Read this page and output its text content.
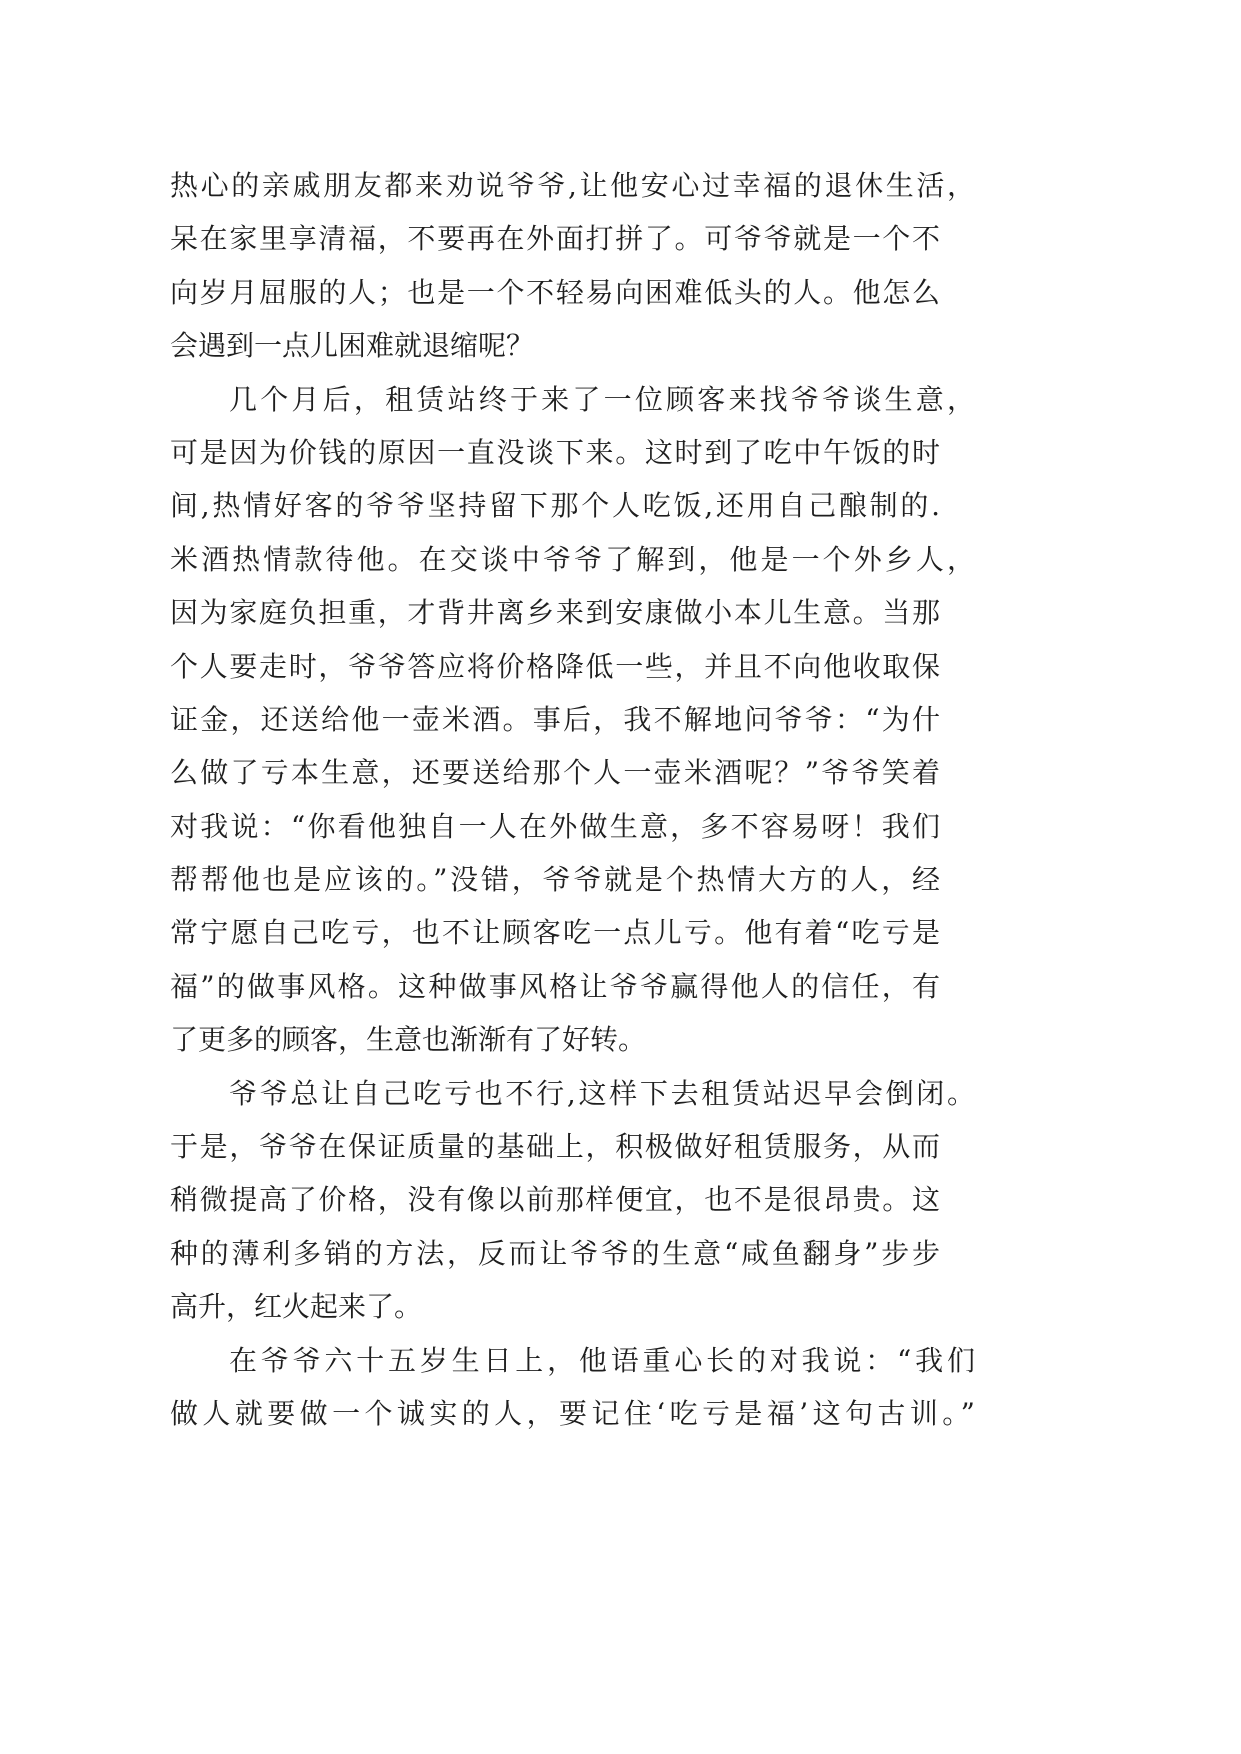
热心的亲戚朋友都来劝说爷爷,让他安心过幸福的退休生活，
呆在家里享清福，不要再在外面打拼了。可爷爷就是一个不
向岁月屈服的人；也是一个不轻易向困难低头的人。他怎么
会遇到一点儿困难就退缩呢？
几个月后，租赁站终于来了一位顾客来找爷爷谈生意，
可是因为价钱的原因一直没谈下来。这时到了吃中午饭的时
间,热情好客的爷爷坚持留下那个人吃饭,还用自己酿制的.
米酒热情款待他。在交谈中爷爷了解到，他是一个外乡人，
因为家庭负担重，才背井离乡来到安康做小本儿生意。当那
个人要走时，爷爷答应将价格降低一些，并且不向他收取保
证金，还送给他一壶米酒。事后，我不解地问爷爷：“为什
么做了亏本生意，还要送给那个人一壶米酒呢？”爷爷笑着
对我说：“你看他独自一人在外做生意，多不容易呀！我们
帮帮他也是应该的。”没错，爷爷就是个热情大方的人，经
常宁愿自己吃亏，也不让顾客吃一点儿亏。他有着“吃亏是
福”的做事风格。这种做事风格让爷爷赢得他人的信任，有
了更多的顾客，生意也渐渐有了好转。
爷爷总让自己吃亏也不行,这样下去租赁站迟早会倒闭。
于是，爷爷在保证质量的基础上，积极做好租赁服务，从而
稍微提高了价格，没有像以前那样便宜，也不是很昂贵。这
种的薄利多销的方法，反而让爷爷的生意“咸鱼翻身”步步
高升，红火起来了。
在爷爷六十五岁生日上，他语重心长的对我说：“我们
做人就要做一个诚实的人，要记住‘吃亏是福’这句古训。”
